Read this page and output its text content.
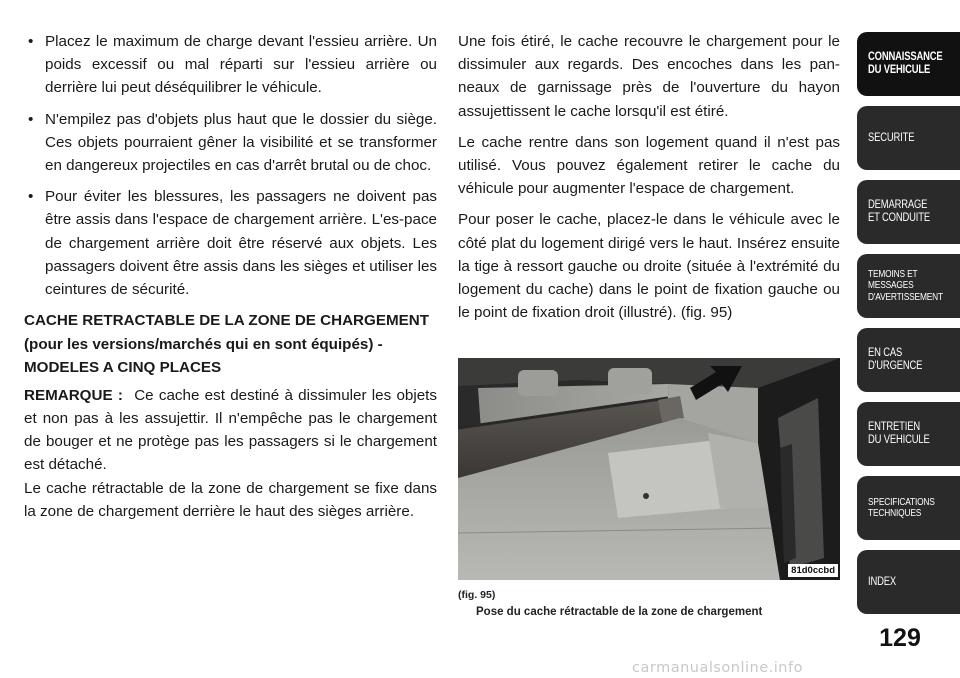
• Placez le maximum de charge devant l'essieu arrière. Un poids excessif ou mal réparti sur l'essieu arrière ou derrière lui peut déséquilibrer le véhicule.
• N'empilez pas d'objets plus haut que le dossier du siège. Ces objets pourraient gêner la visibilité et se transformer en dangereux projectiles en cas d'arrêt brutal ou de choc.
• Pour éviter les blessures, les passagers ne doivent pas être assis dans l'espace de chargement arrière. L'es-pace de chargement arrière doit être réservé aux objets. Les passagers doivent être assis dans les sièges et utiliser les ceintures de sécurité.
CACHE RETRACTABLE DE LA ZONE DE CHARGEMENT (pour les versions/marchés qui en sont équipés) - MODELES A CINQ PLACES

REMARQUE : Ce cache est destiné à dissimuler les objets et non pas à les assujettir. Il n'empêche pas le chargement de bouger et ne protège pas les passagers si le chargement est détaché.

Le cache rétractable de la zone de chargement se fixe dans la zone de chargement derrière le haut des sièges arrière.

Une fois étiré, le cache recouvre le chargement pour le dissimuler aux regards. Des encoches dans les pan-neaux de garnissage près de l'ouverture du hayon assujettissent le cache lorsqu'il est étiré.

Le cache rentre dans son logement quand il n'est pas utilisé. Vous pouvez également retirer le cache du véhicule pour augmenter l'espace de chargement.

Pour poser le cache, placez-le dans le véhicule avec le côté plat du logement dirigé vers le haut. Insérez ensuite la tige à ressort gauche ou droite (située à l'extrémité du logement du cache) dans le point de fixation gauche ou le point de fixation droit (illustré). (fig. 95)

81d0ccbd
(fig. 95)
Pose du cache rétractable de la zone de chargement
CONNAISSANCE
DU VEHICULE
SECURITE
DEMARRAGE
ET CONDUITE
TEMOINS ET
MESSAGES
D'AVERTISSEMENT
EN CAS
D'URGENCE
ENTRETIEN
DU VEHICULE
SPECIFICATIONS
TECHNIQUES
INDEX
129
carmanualsonline.info
